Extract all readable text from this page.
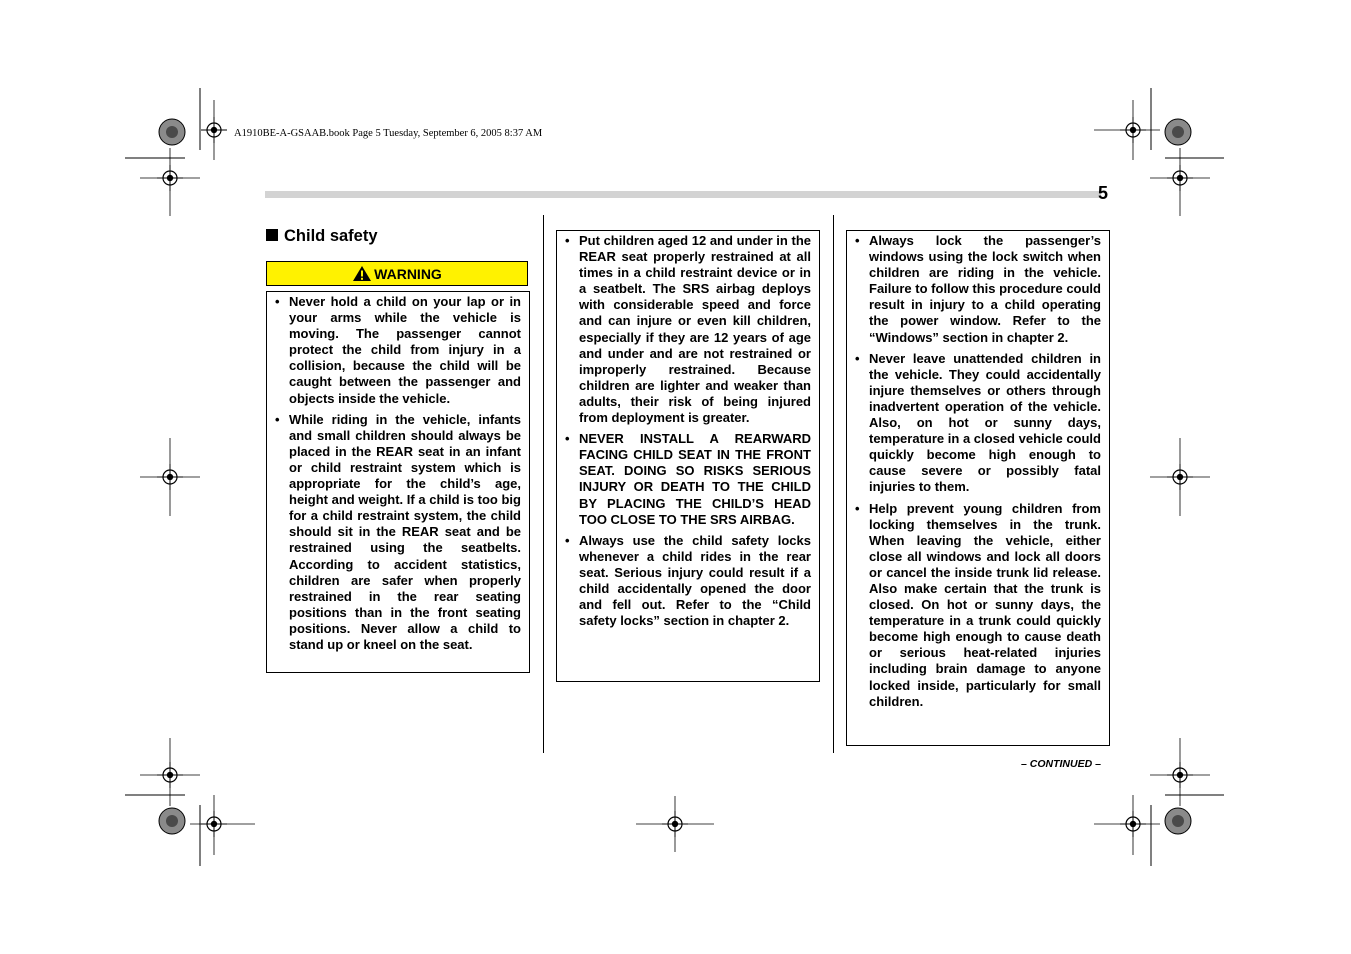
A1910BE-A-GSAAB.book Page 5 Tuesday, September 6, 2005 8:37 AM
5
Child safety
WARNING
• Never hold a child on your lap or in your arms while the vehicle is moving. The passenger cannot protect the child from injury in a collision, because the child will be caught between the passenger and objects inside the vehicle.
• While riding in the vehicle, infants and small children should always be placed in the REAR seat in an infant or child restraint system which is appropriate for the child’s age, height and weight. If a child is too big for a child restraint system, the child should sit in the REAR seat and be restrained using the seatbelts. According to accident statistics, children are safer when properly restrained in the rear seating positions than in the front seating positions. Never allow a child to stand up or kneel on the seat.
• Put children aged 12 and under in the REAR seat properly restrained at all times in a child restraint device or in a seatbelt. The SRS airbag deploys with considerable speed and force and can injure or even kill children, especially if they are 12 years of age and under and are not restrained or improperly restrained. Because children are lighter and weaker than adults, their risk of being injured from deployment is greater.
• NEVER INSTALL A REARWARD FACING CHILD SEAT IN THE FRONT SEAT. DOING SO RISKS SERIOUS INJURY OR DEATH TO THE CHILD BY PLACING THE CHILD’S HEAD TOO CLOSE TO THE SRS AIRBAG.
• Always use the child safety locks whenever a child rides in the rear seat. Serious injury could result if a child accidentally opened the door and fell out. Refer to the “Child safety locks” section in chapter 2.
• Always lock the passenger’s windows using the lock switch when children are riding in the vehicle. Failure to follow this procedure could result in injury to a child operating the power window. Refer to the “Windows” section in chapter 2.
• Never leave unattended children in the vehicle. They could accidentally injure themselves or others through inadvertent operation of the vehicle. Also, on hot or sunny days, temperature in a closed vehicle could quickly become high enough to cause severe or possibly fatal injuries to them.
• Help prevent young children from locking themselves in the trunk. When leaving the vehicle, either close all windows and lock all doors or cancel the inside trunk lid release. Also make certain that the trunk is closed. On hot or sunny days, the temperature in a trunk could quickly become high enough to cause death or serious heat-related injuries including brain damage to anyone locked inside, particularly for small children.
– CONTINUED –
